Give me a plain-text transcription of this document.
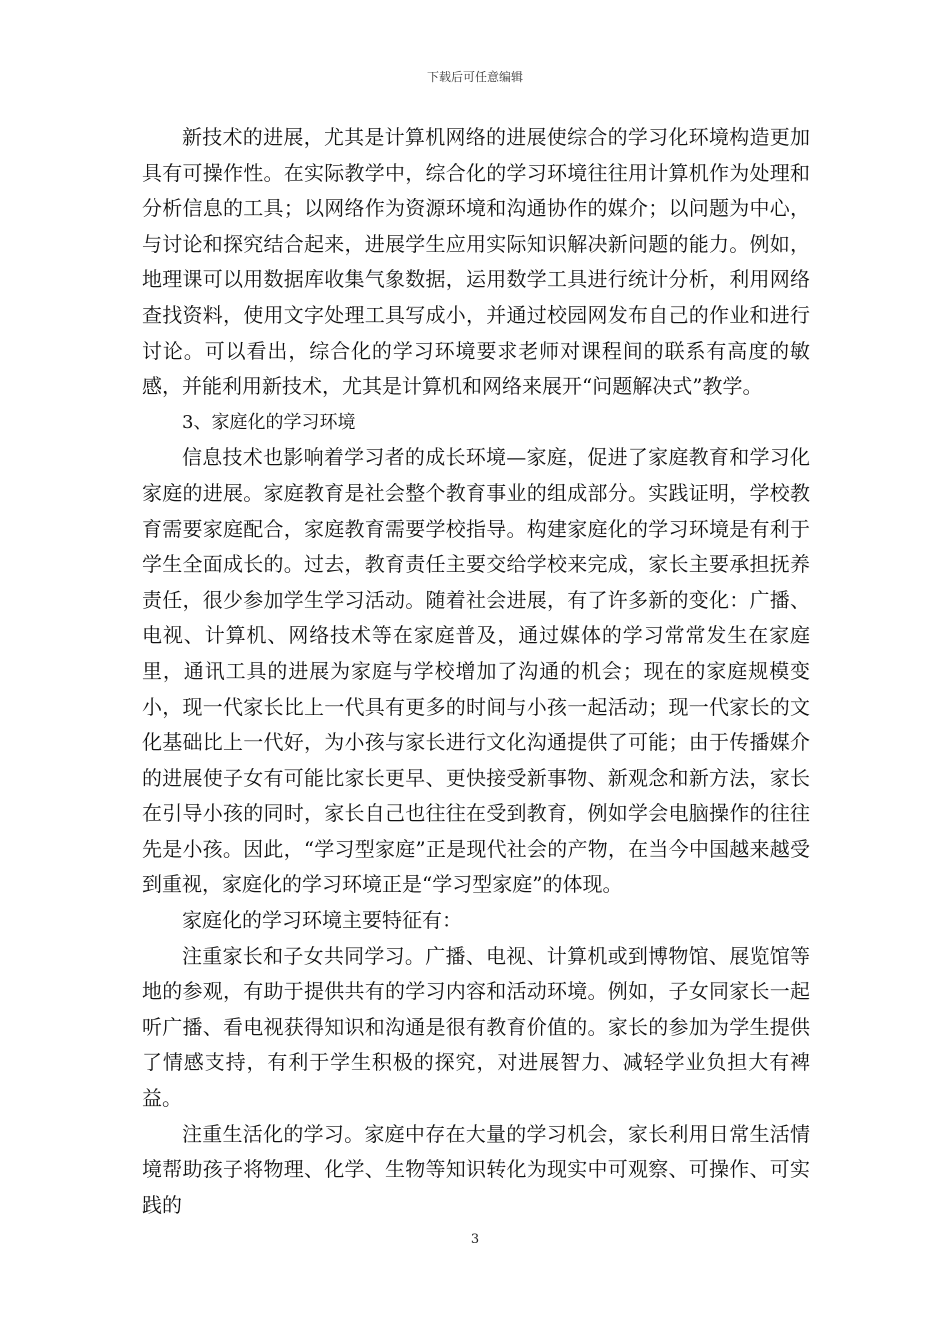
下载后可任意编辑

新技术的进展，尤其是计算机网络的进展使综合的学习化环境构造更加具有可操作性。在实际教学中，综合化的学习环境往往用计算机作为处理和分析信息的工具；以网络作为资源环境和沟通协作的媒介；以问题为中心，与讨论和探究结合起来，进展学生应用实际知识解决新问题的能力。例如，地理课可以用数据库收集气象数据，运用数学工具进行统计分析，利用网络查找资料，使用文字处理工具写成小，并通过校园网发布自己的作业和进行讨论。可以看出，综合化的学习环境要求老师对课程间的联系有高度的敏感，并能利用新技术，尤其是计算机和网络来展开“问题解决式”教学。

3、家庭化的学习环境

信息技术也影响着学习者的成长环境—家庭，促进了家庭教育和学习化家庭的进展。家庭教育是社会整个教育事业的组成部分。实践证明，学校教育需要家庭配合，家庭教育需要学校指导。构建家庭化的学习环境是有利于学生全面成长的。过去，教育责任主要交给学校来完成，家长主要承担抚养责任，很少参加学生学习活动。随着社会进展，有了许多新的变化：广播、电视、计算机、网络技术等在家庭普及，通过媒体的学习常常发生在家庭里，通讯工具的进展为家庭与学校增加了沟通的机会；现在的家庭规模变小，现一代家长比上一代具有更多的时间与小孩一起活动；现一代家长的文化基础比上一代好，为小孩与家长进行文化沟通提供了可能；由于传播媒介的进展使子女有可能比家长更早、更快接受新事物、新观念和新方法，家长在引导小孩的同时，家长自己也往往在受到教育，例如学会电脑操作的往往先是小孩。因此，“学习型家庭”正是现代社会的产物，在当今中国越来越受到重视，家庭化的学习环境正是“学习型家庭”的体现。

家庭化的学习环境主要特征有：

注重家长和子女共同学习。广播、电视、计算机或到博物馆、展览馆等地的参观，有助于提供共有的学习内容和活动环境。例如，子女同家长一起听广播、看电视获得知识和沟通是很有教育价值的。家长的参加为学生提供了情感支持，有利于学生积极的探究，对进展智力、减轻学业负担大有裨益。

注重生活化的学习。家庭中存在大量的学习机会，家长利用日常生活情境帮助孩子将物理、化学、生物等知识转化为现实中可观察、可操作、可实践的

3
